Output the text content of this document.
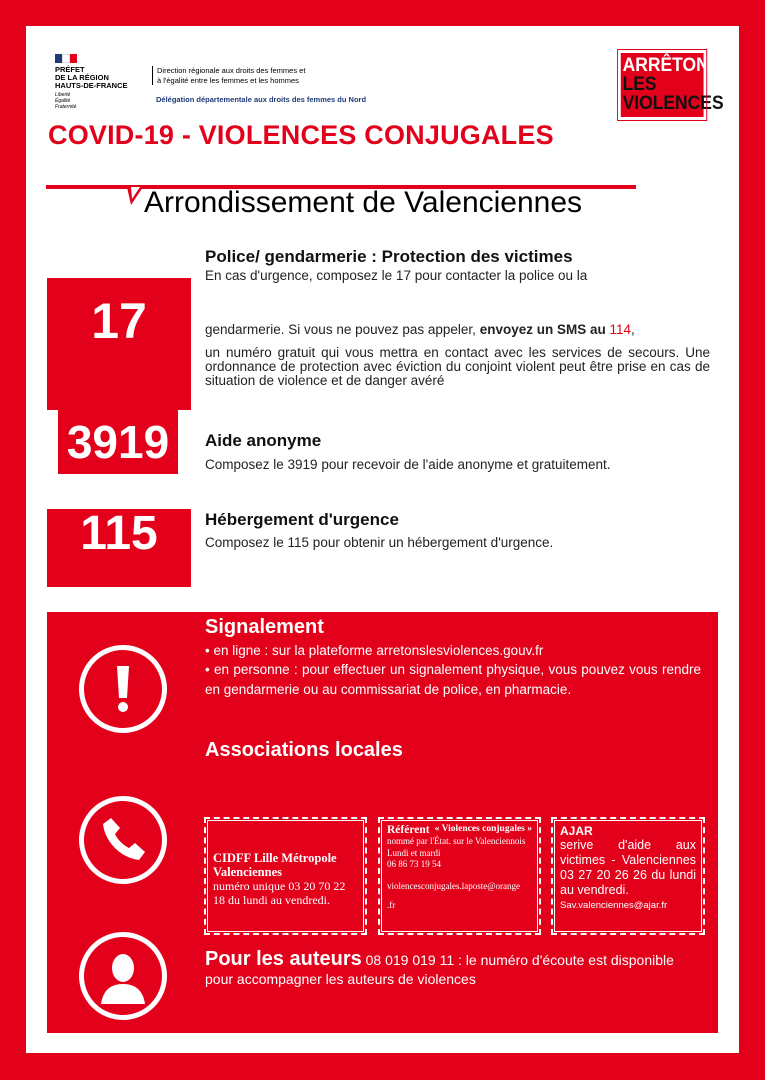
PRÉFET
DE LA RÉGION
HAUTS-DE-FRANCE
Liberté
Égalité
Fraternité
Direction régionale aux droits des femmes et
à l'égalité entre les femmes et les hommes
Délégation départementale aux droits des femmes du Nord
ARRÊTONS
LES
VIOLENCES
COVID-19 - VIOLENCES CONJUGALES
Arrondissement de Valenciennes
17
Police/ gendarmerie : Protection des victimes
En cas d'urgence, composez le 17 pour contacter la police ou la
gendarmerie. Si vous ne pouvez pas appeler, envoyez un SMS au 114,
un numéro gratuit qui vous mettra en contact avec les services de secours. Une ordonnance de protection avec éviction du conjoint violent peut être prise en cas de situation de violence et de danger avéré
3919	Aide anonyme
Composez le 3919 pour recevoir de l'aide anonyme et gratuitement.
115	Hébergement d'urgence
Composez le 115 pour obtenir un hébergement d'urgence.
Signalement
• en ligne : sur la plateforme arretonslesviolences.gouv.fr
• en personne : pour effectuer un signalement physique, vous pouvez vous rendre en gendarmerie ou au commissariat de police, en pharmacie.
Associations locales
CIDFF Lille Métropole Valenciennes
numéro unique 03 20 70 22 18 du lundi au vendredi.
Référent « Violences conjugales »
nommé par l'État. sur le Valenciennois
Lundi et mardi
06 86 73 19 54
violencesconjugales.laposte@orange
.fr
AJAR
serive d'aide aux victimes - Valenciennes 03 27 20 26 26 du lundi au vendredi.
Sav.valenciennes@ajar.fr
Pour les auteurs 08 019 019 11 : le numéro d'écoute est disponible pour accompagner les auteurs de violences
